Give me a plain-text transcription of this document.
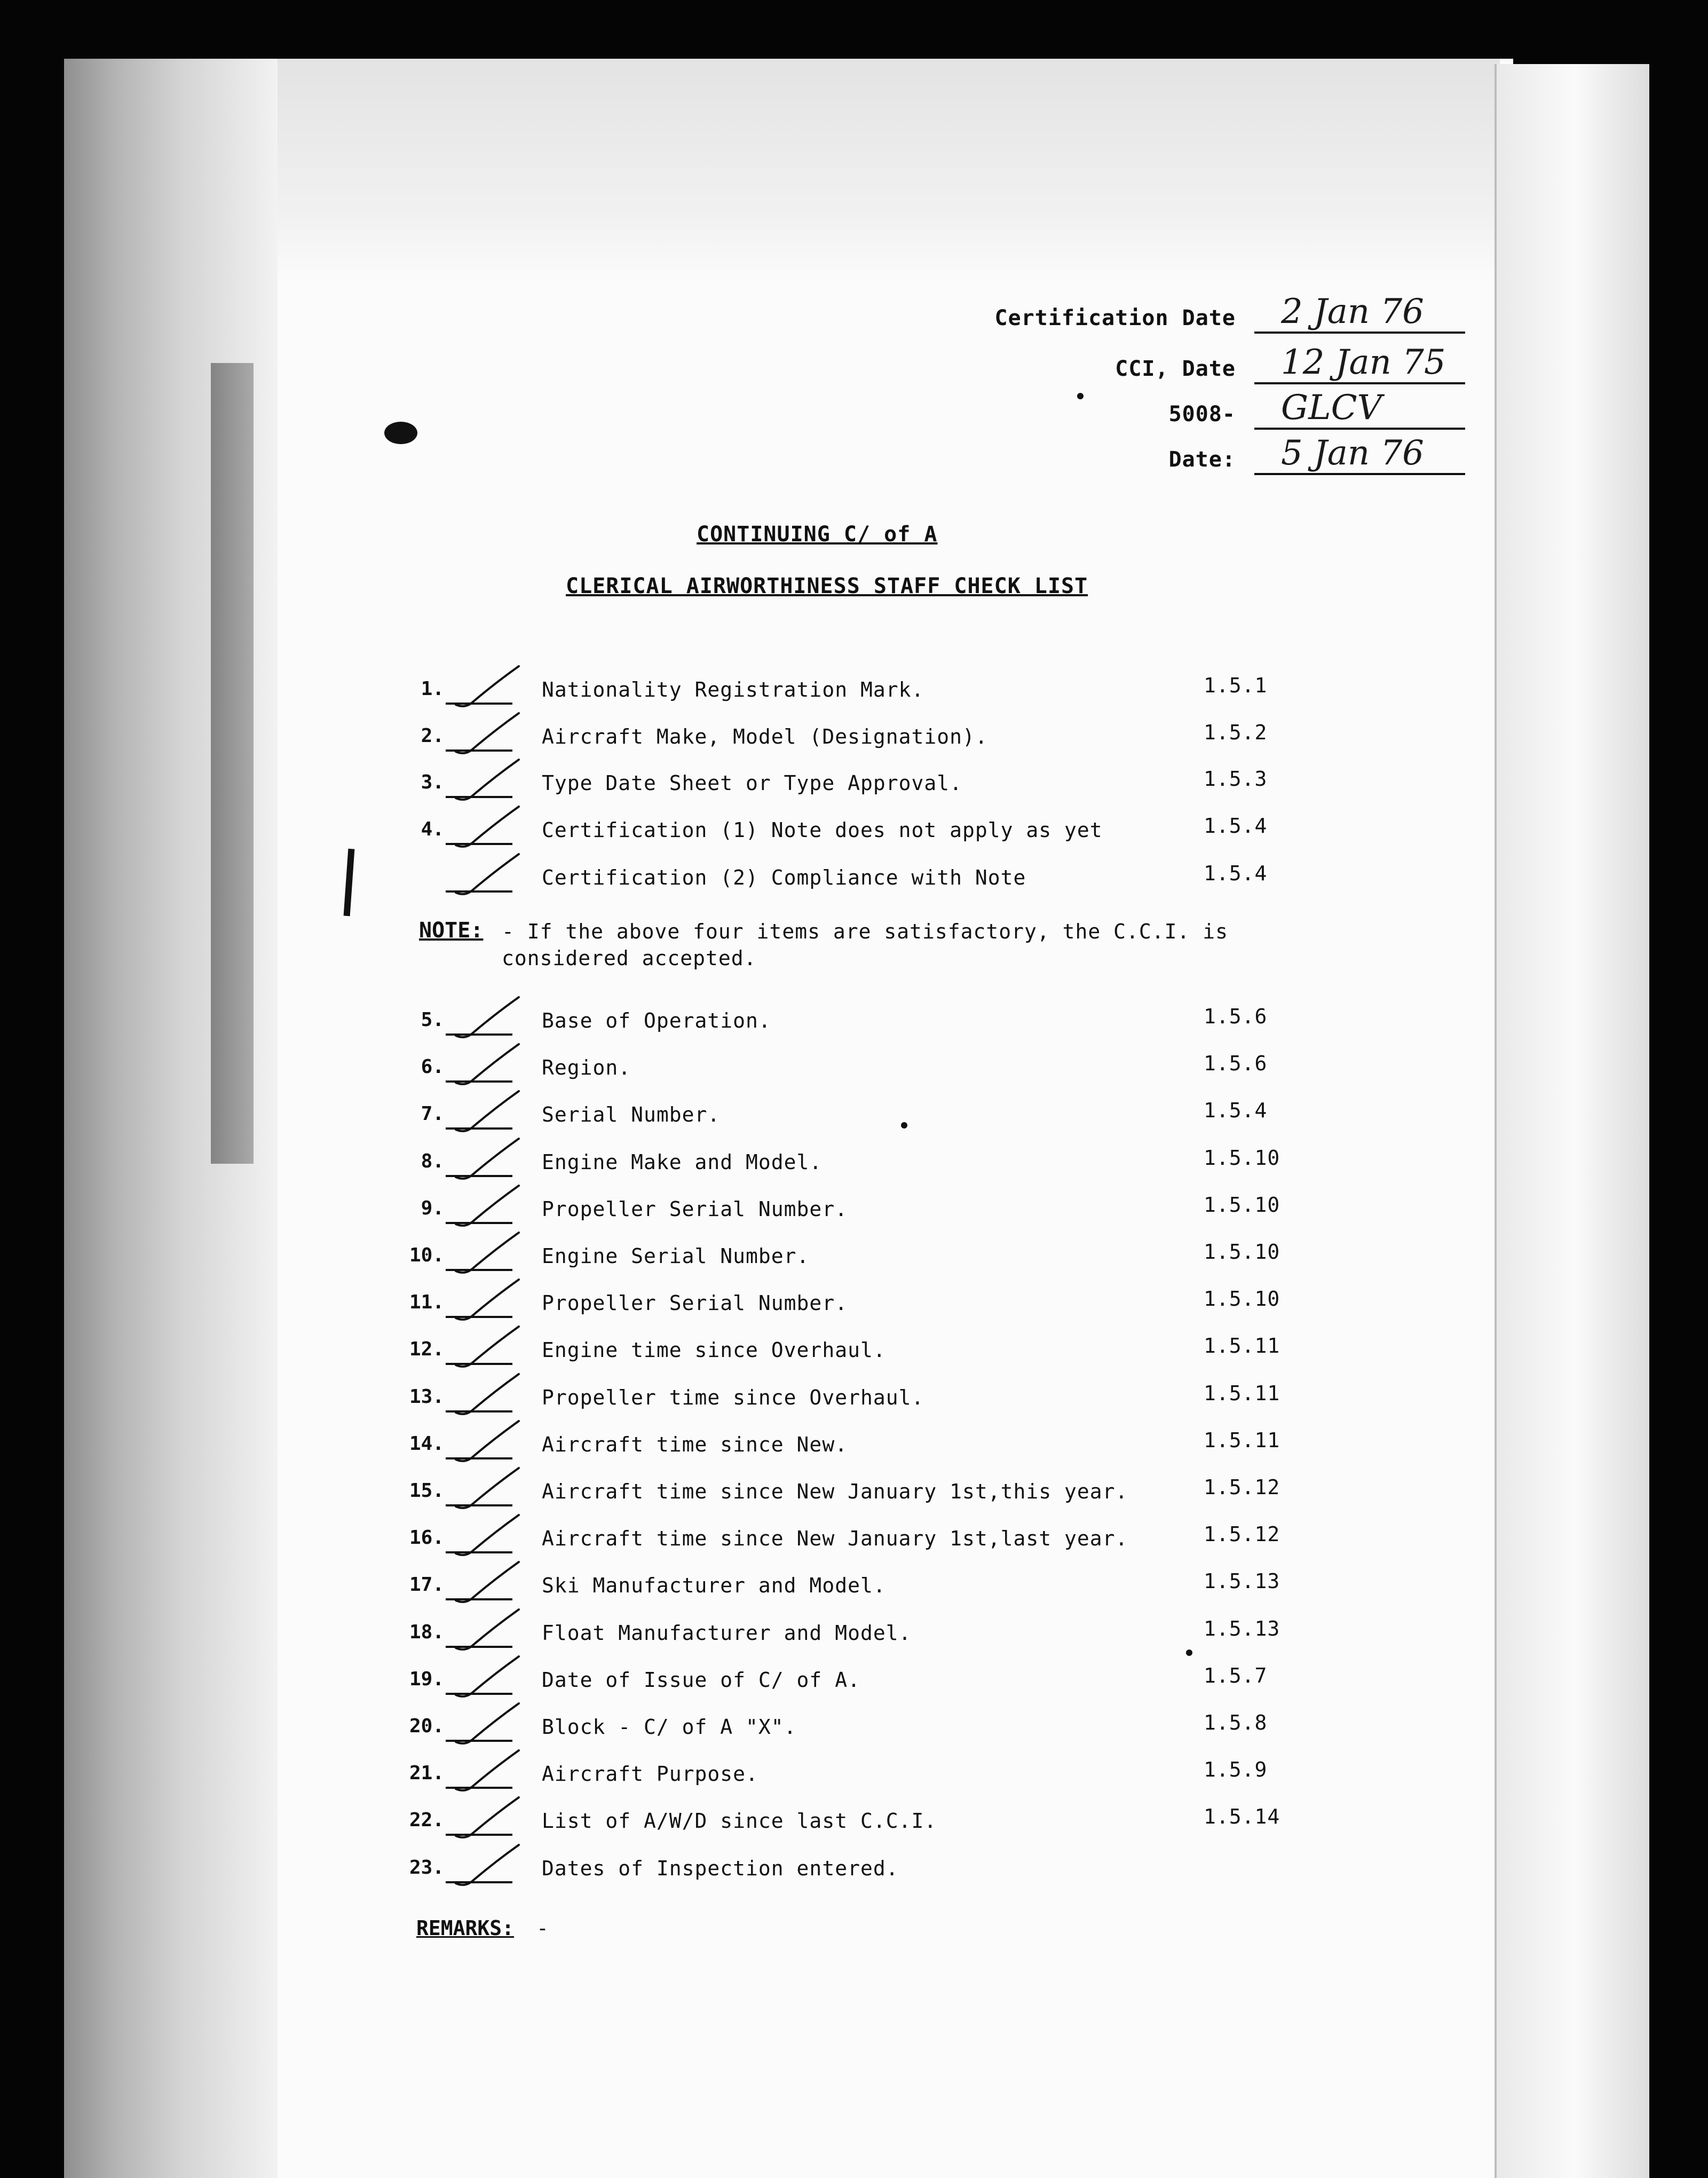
Certification Date 2 Jan 76
CCI, Date 12 Jan 75
5008- GLCV
Date: 5 Jan 76
CONTINUING C/ of A
CLERICAL AIRWORTHINESS STAFF CHECK LIST
1.	Nationality Registration Mark.	1.5.1
2.	Aircraft Make, Model (Designation).	1.5.2
3.	Type Date Sheet or Type Approval.	1.5.3
4.	Certification (1) Note does not apply as yet	1.5.4
Certification (2) Compliance with Note	1.5.4
NOTE: - If the above four items are satisfactory, the C.C.I. is considered accepted.
5.	Base of Operation.	1.5.6
6.	Region.	1.5.6
7.	Serial Number.	1.5.4
8.	Engine Make and Model.	1.5.10
9.	Propeller Serial Number.	1.5.10
10.	Engine Serial Number.	1.5.10
11.	Propeller Serial Number.	1.5.10
12.	Engine time since Overhaul.	1.5.11
13.	Propeller time since Overhaul.	1.5.11
14.	Aircraft time since New.	1.5.11
15.	Aircraft time since New January 1st,this year.	1.5.12
16.	Aircraft time since New January 1st,last year.	1.5.12
17.	Ski Manufacturer and Model.	1.5.13
18.	Float Manufacturer and Model.	1.5.13
19.	Date of Issue of C/ of A.	1.5.7
20.	Block - C/ of A "X".	1.5.8
21.	Aircraft Purpose.	1.5.9
22.	List of A/W/D since last C.C.I.	1.5.14
23.	Dates of Inspection entered.
REMARKS: -
